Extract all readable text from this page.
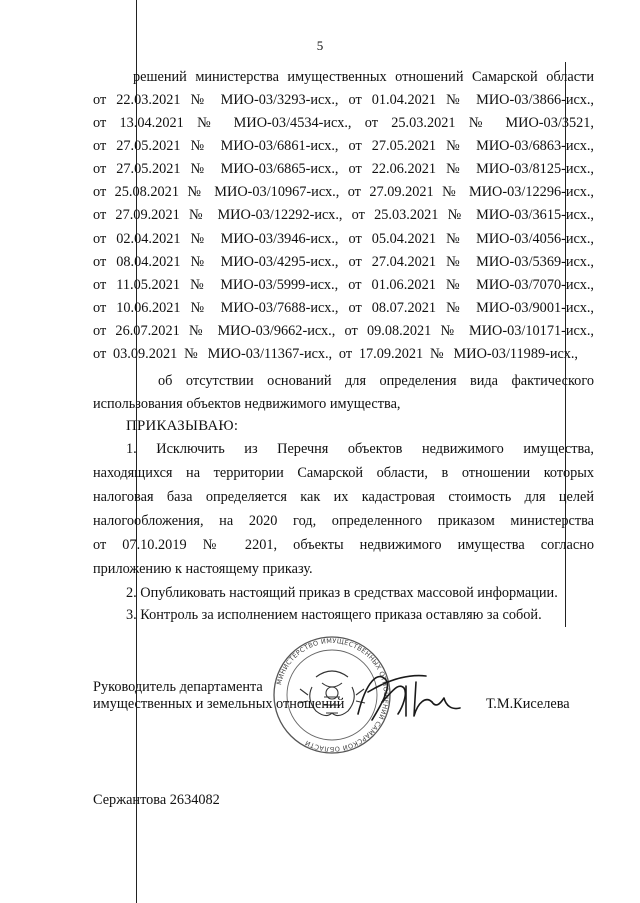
5
решений министерства имущественных отношений Самарской области
от 22.03.2021 № МИО-03/3293-исх., от 01.04.2021 № МИО-03/3866-исх.,
от 13.04.2021 № МИО-03/4534-исх., от 25.03.2021 № МИО-03/3521,
от 27.05.2021 № МИО-03/6861-исх., от 27.05.2021 № МИО-03/6863-исх.,
от 27.05.2021 № МИО-03/6865-исх., от 22.06.2021 № МИО-03/8125-исх.,
от 25.08.2021 № МИО-03/10967-исх., от 27.09.2021 № МИО-03/12296-исх.,
от 27.09.2021 № МИО-03/12292-исх., от 25.03.2021 № МИО-03/3615-исх.,
от 02.04.2021 № МИО-03/3946-исх., от 05.04.2021 № МИО-03/4056-исх.,
от 08.04.2021 № МИО-03/4295-исх., от 27.04.2021 № МИО-03/5369-исх.,
от 11.05.2021 № МИО-03/5999-исх., от 01.06.2021 № МИО-03/7070-исх.,
от 10.06.2021 № МИО-03/7688-исх., от 08.07.2021 № МИО-03/9001-исх.,
от 26.07.2021 № МИО-03/9662-исх., от 09.08.2021 № МИО-03/10171-исх.,
от 03.09.2021 № МИО-03/11367-исх., от 17.09.2021 № МИО-03/11989-исх.,
об отсутствии оснований для определения вида фактического
использования объектов недвижимого имущества,
ПРИКАЗЫВАЮ:
1. Исключить из Перечня объектов недвижимого имущества,
находящихся на территории Самарской области, в отношении которых
налоговая база определяется как их кадастровая стоимость для целей
налогообложения, на 2020 год, определенного приказом министерства
от 07.10.2019 № 2201, объекты недвижимого имущества согласно
приложению к настоящему приказу.
2. Опубликовать настоящий приказ в средствах массовой информации.
3. Контроль за исполнением настоящего приказа оставляю за собой.
МИНИСТЕРСТВО ИМУЩЕСТВЕННЫХ ОТНОШЕНИЙ САМАРСКОЙ ОБЛАСТИ
Руководитель департамента
имущественных и земельных отношений	Т.М.Киселева
Сержантова 2634082
